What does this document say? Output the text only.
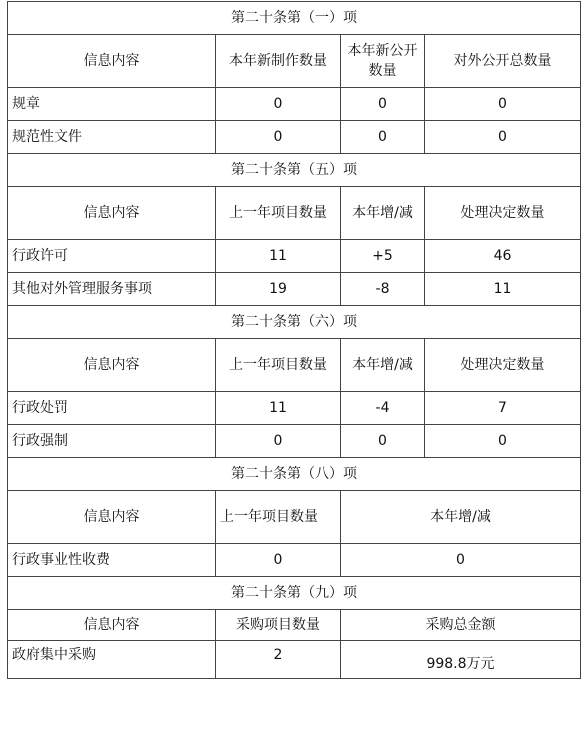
第二十条第（一）项			
信息内容	本年新制作数量	本年新公开数量	对外公开总数量
规章	0	0	0
规范性文件	0	0	0
第二十条第（五）项			
信息内容	上一年项目数量	本年增/减	处理决定数量
行政许可	11	+5	46
其他对外管理服务事项	19	-8	11
第二十条第（六）项			
信息内容	上一年项目数量	本年增/减	处理决定数量
行政处罚	11	-4	7
行政强制	0	0	0
第二十条第（八）项			
信息内容	上一年项目数量	本年增/减	
行政事业性收费	0	0	
第二十条第（九）项			
信息内容	采购项目数量	采购总金额	
政府集中采购	2	998.8万元	
